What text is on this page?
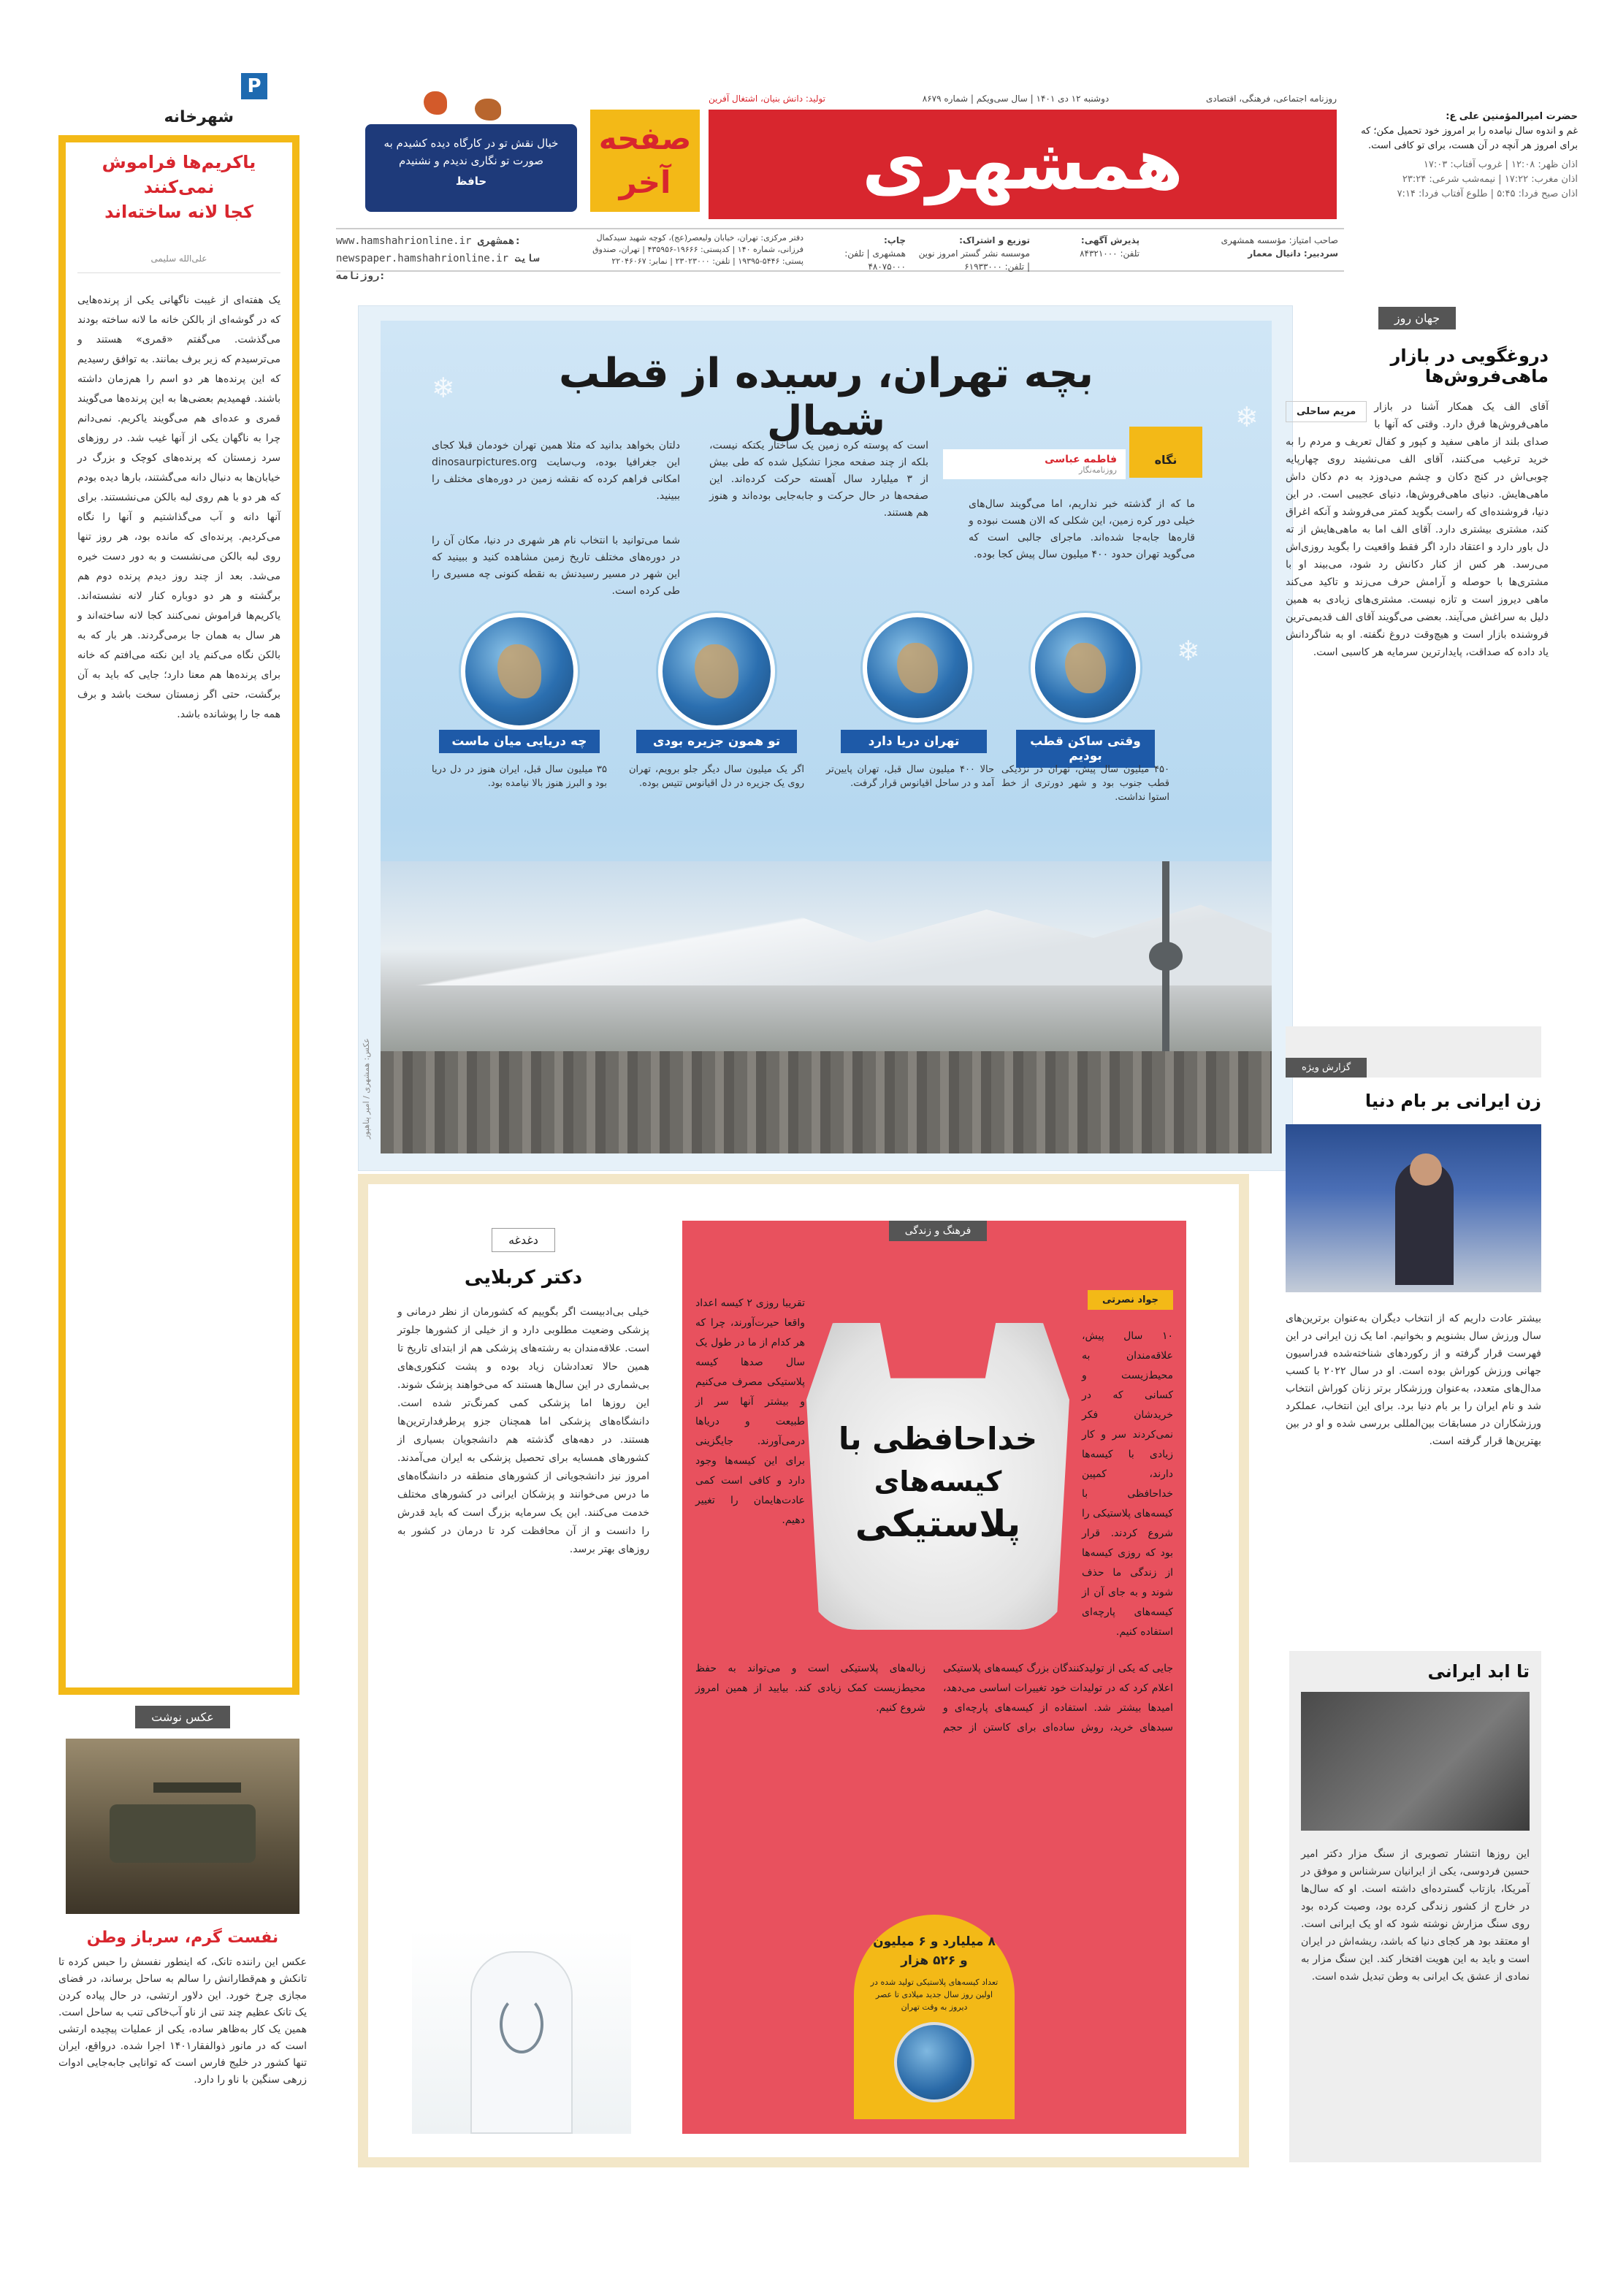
حضرت امیرالمؤمنین علی ع:
غم و اندوه سال نیامده را بر امروز خود تحمیل مکن؛ که برای امروز هر آنچه در آن هست، برای تو کافی است.
اذان ظهر: ۱۲:۰۸ | غروب آفتاب: ۱۷:۰۳
اذان مغرب: ۱۷:۲۲ | نیمه‌شب شرعی: ۲۳:۲۴
اذان صبح فردا: ۵:۴۵ | طلوع آفتاب فردا: ۷:۱۴
همشهری
روزنامه اجتماعی، فرهنگی، اقتصادی
دوشنبه ۱۲ دی ۱۴۰۱ | سال سی‌ویکم | شماره ۸۶۷۹
تولید: دانش بنیان، اشتغال آفرین
صفحه آخر
خیال نقش تو در کارگاه دیده کشیدم به صورت تو نگاری ندیدم و نشنیدم
حافظ
صاحب امتیاز: مؤسسه همشهری
سردبیر: دانیال معمار
پذیرش آگهی:
تلفن: ۸۴۳۲۱۰۰۰
توزیع و اشتراک:
موسسه نشر گستر امروز نوین | تلفن: ۶۱۹۳۳۰۰۰
چاپ:
همشهری | تلفن: ۴۸۰۷۵۰۰۰
دفتر مرکزی: تهران، خیابان ولیعصر(عج)، کوچه شهید سیدکمال فرزانی، شماره ۱۴۰ | کدپستی: ۱۹۶۶۶-۴۳۵۹۵۶ | تهران، صندوق پستی: ۵۴۴۶-۱۹۳۹۵ | تلفن: ۲۳۰۲۳۰۰۰ | نمابر: ۲۲۰۴۶۰۶۷
www.hamshahrionline.ir همشهری:
newspaper.hamshahrionline.ir سایت روزنامه:
P
شهرخانه
یاکریم‌ها فراموش نمی‌کنند
کجا لانه ساخته‌اند
علی‌الله سلیمی
یک هفته‌ای از غیبت ناگهانی یکی از پرنده‌هایی که در گوشه‌ای از بالکن خانه ما لانه ساخته بودند می‌گذشت. می‌گفتم «قمری» هستند و می‌ترسیدم که زیر برف بمانند. به توافق رسیدیم که این پرنده‌ها هر دو اسم را هم‌زمان داشته باشند. فهمیدیم بعضی‌ها به این پرنده‌ها می‌گویند قمری و عده‌ای هم می‌گویند یاکریم. نمی‌دانم چرا به ناگهان یکی از آنها غیب شد. در روزهای سرد زمستان که پرنده‌های کوچک و بزرگ در خیابان‌ها به دنبال دانه می‌گشتند، بارها دیده بودم که هر دو با هم روی لبه بالکن می‌نشستند. برای آنها دانه و آب می‌گذاشتیم و آنها را نگاه می‌کردیم. پرنده‌ای که مانده بود، هر روز تنها روی لبه بالکن می‌نشست و به دور دست خیره می‌شد. بعد از چند روز دیدم پرنده دوم هم برگشته و هر دو دوباره کنار لانه نشسته‌اند. یاکریم‌ها فراموش نمی‌کنند کجا لانه ساخته‌اند و هر سال به همان جا برمی‌گردند. هر بار که به بالکن نگاه می‌کنم یاد این نکته می‌افتم که خانه برای پرنده‌ها هم معنا دارد؛ جایی که باید به آن برگشت، حتی اگر زمستان سخت باشد و برف همه جا را پوشانده باشد.
عکس نوشت
نفست گرم، سرباز وطن
عکس این راننده تانک، که اینطور نفسش را حبس کرده تا تانکش و هم‌قطارانش را سالم به ساحل برساند، در فضای مجازی چرخ خورد. این دلاور ارتشی، در حال پیاده کردن یک تانک عظیم چند تنی از ناو آب‌خاکی تنب به ساحل است. همین یک کار به‌ظاهر ساده، یکی از عملیات پیچیده ارتشی است که در مانور ذوالفقار۱۴۰۱ اجرا شده. درواقع، ایران تنها کشور در خلیج فارس است که توانایی جابه‌جایی ادوات زرهی سنگین با ناو را دارد.
❄
❄
❄
بچه تهران، رسیده از قطب شمال
نگاه
فاطمه عباسی
روزنامه‌نگار
ما که از گذشته خبر نداریم، اما می‌گویند سال‌های خیلی دور کره زمین، این شکلی که الان هست نبوده و قاره‌ها جابه‌جا شده‌اند. ماجرای جالبی است که می‌گوید تهران حدود ۴۰۰ میلیون سال پیش کجا بوده.
است که پوسته کره زمین یک ساختار یکتکه نیست، بلکه از چند صفحه مجزا تشکیل شده که طی بیش از ۳ میلیارد سال آهسته حرکت کرده‌اند. این صفحه‌ها در حال حرکت و جابه‌جایی بوده‌اند و هنوز هم هستند.
دلتان بخواهد بدانید که مثلا همین تهران خودمان قبلا کجای این جغرافیا بوده، وب‌سایت dinosaurpictures.org امکانی فراهم کرده که نقشه زمین در دوره‌های مختلف را ببینید.
شما می‌توانید با انتخاب نام هر شهری در دنیا، مکان آن را در دوره‌های مختلف تاریخ زمین مشاهده کنید و ببینید که این شهر در مسیر رسیدنش به نقطه کنونی چه مسیری را طی کرده است.
وقتی ساکن قطب بودیم
تهران دریا دارد
تو همون جزیره بودی
چه دریایی میان ماست
۴۵۰ میلیون سال پیش، تهران در نزدیکی قطب جنوب بود و شهر دورتری از خط استوا نداشت.
حالا ۴۰۰ میلیون سال قبل، تهران پایین‌تر آمد و در ساحل اقیانوس قرار گرفت.
اگر یک میلیون سال دیگر جلو برویم، تهران روی یک جزیره در دل اقیانوس تتیس بوده.
۳۵ میلیون سال قبل، ایران هنوز در دل دریا بود و البرز هنوز بالا نیامده بود.
عکس: همشهری / امیر پناهپور
جهان روز
دروغگویی در بازار ماهی‌فروش‌ها
مریم ساحلی	آقای الف یک همکار آشنا در بازار ماهی‌فروش‌ها فرق دارد. وقتی که آنها با صدای بلند از ماهی سفید و کپور و کفال تعریف و مردم را به خرید ترغیب می‌کنند، آقای الف می‌نشیند روی چهارپایه چوبی‌اش در کنج دکان و چشم می‌دوزد به دم دکان داش ماهی‌هایش. دنیای ماهی‌فروش‌ها، دنیای عجیبی است. در این دنیا، فروشنده‌ای که راست بگوید کمتر می‌فروشد و آنکه اغراق کند، مشتری بیشتری دارد. آقای الف اما به ماهی‌هایش از ته دل باور دارد و اعتقاد دارد اگر فقط واقعیت را بگوید روزی‌اش می‌رسد. هر کس از کنار دکانش رد شود، می‌بیند او با مشتری‌ها با حوصله و آرامش حرف می‌زند و تاکید می‌کند ماهی دیروز است و تازه نیست. مشتری‌های زیادی به همین دلیل به سراغش می‌آیند. بعضی می‌گویند آقای الف قدیمی‌ترین فروشنده بازار است و هیچ‌وقت دروغ نگفته. او به شاگردانش یاد داده که صداقت، پایدارترین سرمایه هر کاسبی است.
گزارش ویژه
زن ایرانی بر بام دنیا
بیشتر عادت داریم که از انتخاب دیگران به‌عنوان برترین‌های سال ورزش سال بشنویم و بخوانیم. اما یک زن ایرانی در این فهرست قرار گرفته و از رکوردهای شناخته‌شده فدراسیون جهانی ورزش کوراش بوده است. او در سال ۲۰۲۲ با کسب مدال‌های متعدد، به‌عنوان ورزشکار برتر زنان کوراش انتخاب شد و نام ایران را بر بام دنیا برد. برای این انتخاب، عملکرد ورزشکاران در مسابقات بین‌المللی بررسی شده و او در بین بهترین‌ها قرار گرفته است.
تا ابد ایرانی
این روزها انتشار تصویری از سنگ مزار دکتر امیر حسین فردوسی، یکی از ایرانیان سرشناس و موفق در آمریکا، بازتاب گسترده‌ای داشته است. او که سال‌ها در خارج از کشور زندگی کرده بود، وصیت کرده بود روی سنگ مزارش نوشته شود که او یک ایرانی است. او معتقد بود هر کجای دنیا که باشد، ریشه‌اش در ایران است و باید به این هویت افتخار کند. این سنگ مزار به نمادی از عشق یک ایرانی به وطن تبدیل شده است.
دغدغه
دکتر کربلایی
خیلی بی‌ادبیست اگر بگوییم که کشورمان از نظر درمانی و پزشکی وضعیت مطلوبی دارد و از خیلی از کشورها جلوتر است. علاقه‌مندان به رشته‌های پزشکی هم از ابتدای تاریخ تا همین حالا تعدادشان زیاد بوده و پشت کنکوری‌های بی‌شماری در این سال‌ها هستند که می‌خواهند پزشک شوند. این روزها اما پزشکی کمی کمرنگ‌تر شده است. دانشگاه‌های پزشکی اما همچنان جزو پرطرفدارترین‌ها هستند. در دهه‌های گذشته هم دانشجویان بسیاری از کشورهای همسایه برای تحصیل پزشکی به ایران می‌آمدند. امروز نیز دانشجویانی از کشورهای منطقه در دانشگاه‌های ما درس می‌خوانند و پزشکان ایرانی در کشورهای مختلف خدمت می‌کنند. این یک سرمایه بزرگ است که باید قدرش را دانست و از آن محافظت کرد تا درمان در کشور به روزهای بهتر برسد.
فرهنگ و زندگی
جواد نصرتی
خداحافظی با
کیسه‌های
پلاستیکی
۱۰ سال پیش، علاقه‌مندان به محیط‌زیست و کسانی که در خریدشان فکر نمی‌کردند سر و کار زیادی با کیسه‌ها دارند، کمپین خداحافظی با کیسه‌های پلاستیکی را شروع کردند. قرار بود که روزی کیسه‌ها از زندگی ما حذف شوند و به جای آن از کیسه‌های پارچه‌ای استفاده کنیم.
تقریبا روزی ۲ کیسه اعداد واقعا حیرت‌آورند، چرا که هر کدام از ما در طول یک سال صدها کیسه پلاستیکی مصرف می‌کنیم و بیشتر آنها سر از طبیعت و دریاها درمی‌آورند. جایگزینی برای این کیسه‌ها وجود دارد و کافی است کمی عادت‌هایمان را تغییر دهیم.
جایی که یکی از تولیدکنندگان بزرگ کیسه‌های پلاستیکی اعلام کرد که در تولیدات خود تغییرات اساسی می‌دهد، امیدها بیشتر شد. استفاده از کیسه‌های پارچه‌ای و سبدهای خرید، روش ساده‌ای برای کاستن از حجم زباله‌های پلاستیکی است و می‌تواند به حفظ محیط‌زیست کمک زیادی کند. بیایید از همین امروز شروع کنیم.
۸ میلیارد و ۶ میلیون و ۵۲۶ هزار
تعداد کیسه‌های پلاستیکی تولید شده در اولین روز سال جدید میلادی تا عصر دیروز به وقت تهران
